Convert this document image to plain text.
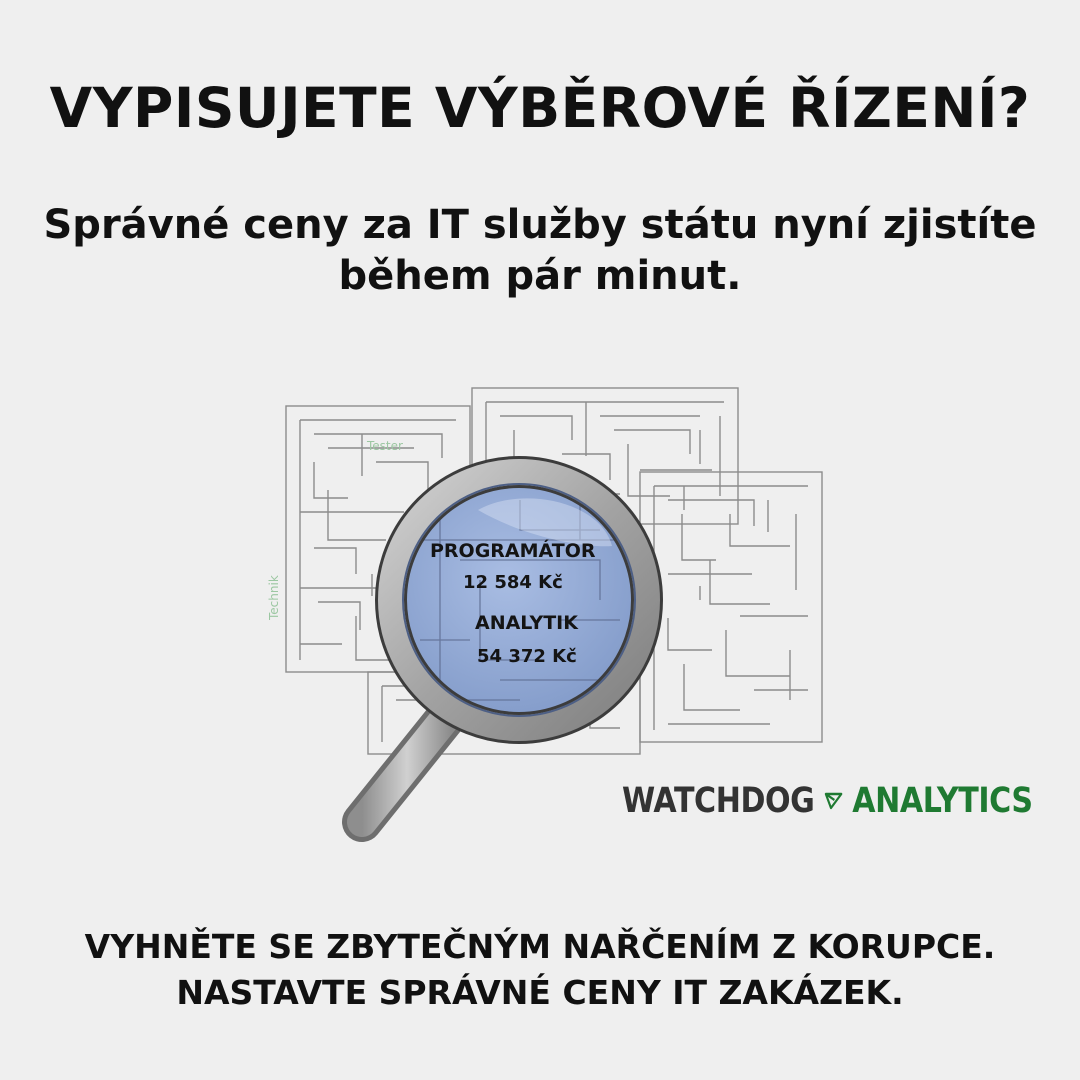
VYPISUJETE VÝBĚROVÉ ŘÍZENÍ?

Správné ceny za IT služby státu nyní zjistíte
během pár minut.

Tester
Technik
PROGRAMÁTOR
12 584 Kč
ANALYTIK
54 372 Kč
WATCHDOG ANALYTICS

VYHNĚTE SE ZBYTEČNÝM NAŘČENÍM Z KORUPCE.
NASTAVTE SPRÁVNÉ CENY IT ZAKÁZEK.
